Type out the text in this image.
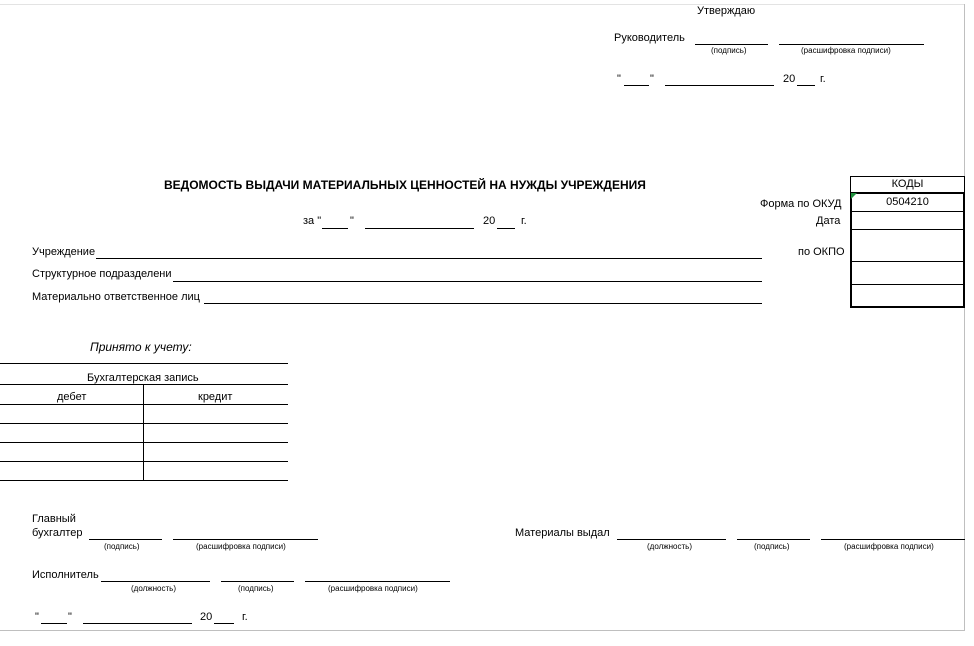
Утверждаю
Руководитель
(подпись)	(расшифровка подписи)
"	"	20 г.
ВЕДОМОСТЬ ВЫДАЧИ МАТЕРИАЛЬНЫХ ЦЕННОСТЕЙ НА НУЖДЫ УЧРЕЖДЕНИЯ
за "	"	20 г.
Форма по ОКУД
Дата
по ОКПО
КОДЫ
0504210
Учреждение
Структурное подразделени
Материально ответственное лиц
Принято к учету:
Бухгалтерская запись
дебет	кредит
Главный
бухгалтер
(подпись)	(расшифровка подписи)
Материалы выдал
(должность)	(подпись)	(расшифровка подписи)
Исполнитель
(должность)	(подпись)	(расшифровка подписи)
"	"	20	г.
